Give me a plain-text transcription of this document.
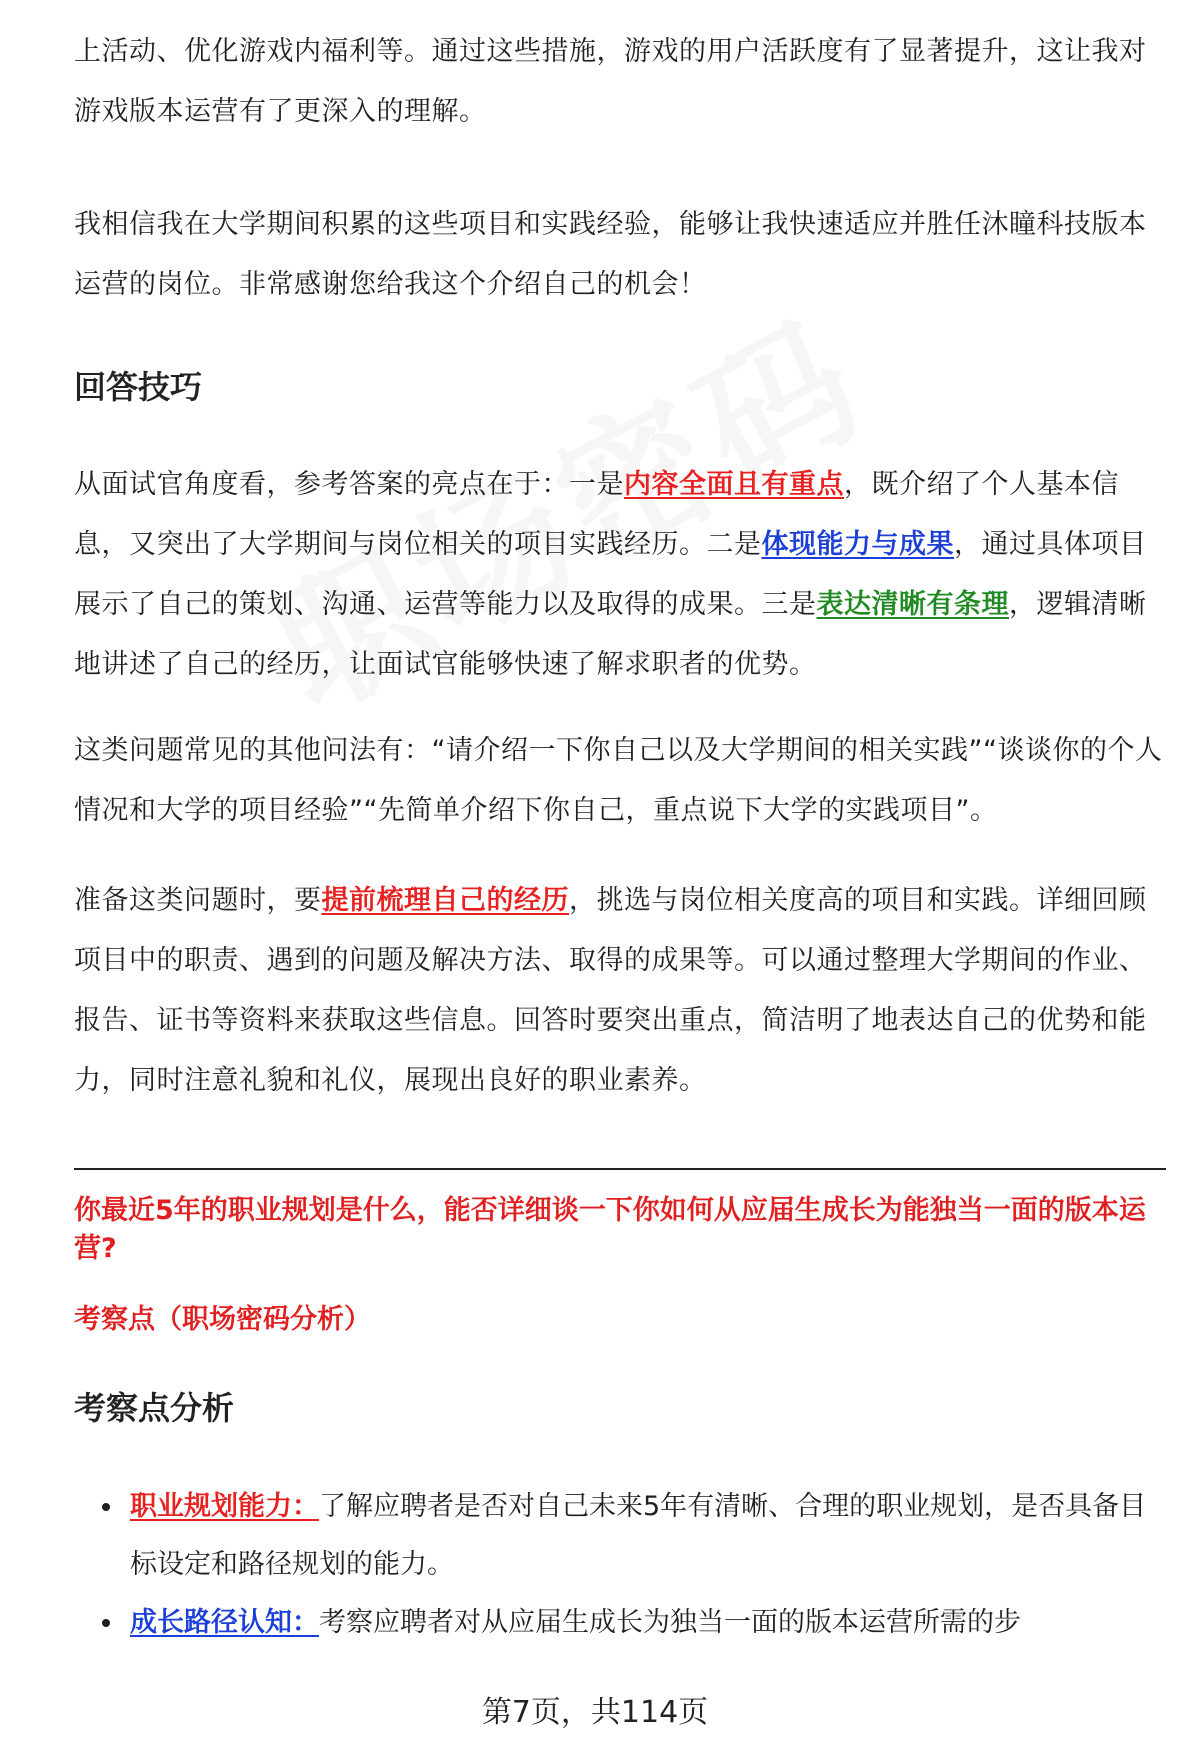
上活动、优化游戏内福利等。通过这些措施，游戏的用户活跃度有了显著提升，这让我对游戏版本运营有了更深入的理解。

我相信我在大学期间积累的这些项目和实践经验，能够让我快速适应并胜任沐瞳科技版本运营的岗位。非常感谢您给我这个介绍自己的机会！

回答技巧

从面试官角度看，参考答案的亮点在于：一是内容全面且有重点，既介绍了个人基本信息，又突出了大学期间与岗位相关的项目实践经历。二是体现能力与成果，通过具体项目展示了自己的策划、沟通、运营等能力以及取得的成果。三是表达清晰有条理，逻辑清晰地讲述了自己的经历，让面试官能够快速了解求职者的优势。

这类问题常见的其他问法有：“请介绍一下你自己以及大学期间的相关实践”“谈谈你的个人情况和大学的项目经验”“先简单介绍下你自己，重点说下大学的实践项目”。

准备这类问题时，要提前梳理自己的经历，挑选与岗位相关度高的项目和实践。详细回顾项目中的职责、遇到的问题及解决方法、取得的成果等。可以通过整理大学期间的作业、报告、证书等资料来获取这些信息。回答时要突出重点，简洁明了地表达自己的优势和能力，同时注意礼貌和礼仪，展现出良好的职业素养。

你最近5年的职业规划是什么，能否详细谈一下你如何从应届生成长为能独当一面的版本运营?

考察点（职场密码分析）

考察点分析
职业规划能力：了解应聘者是否对自己未来5年有清晰、合理的职业规划，是否具备目标设定和路径规划的能力。
成长路径认知：考察应聘者对从应届生成长为独当一面的版本运营所需的步
第7页，共114页
